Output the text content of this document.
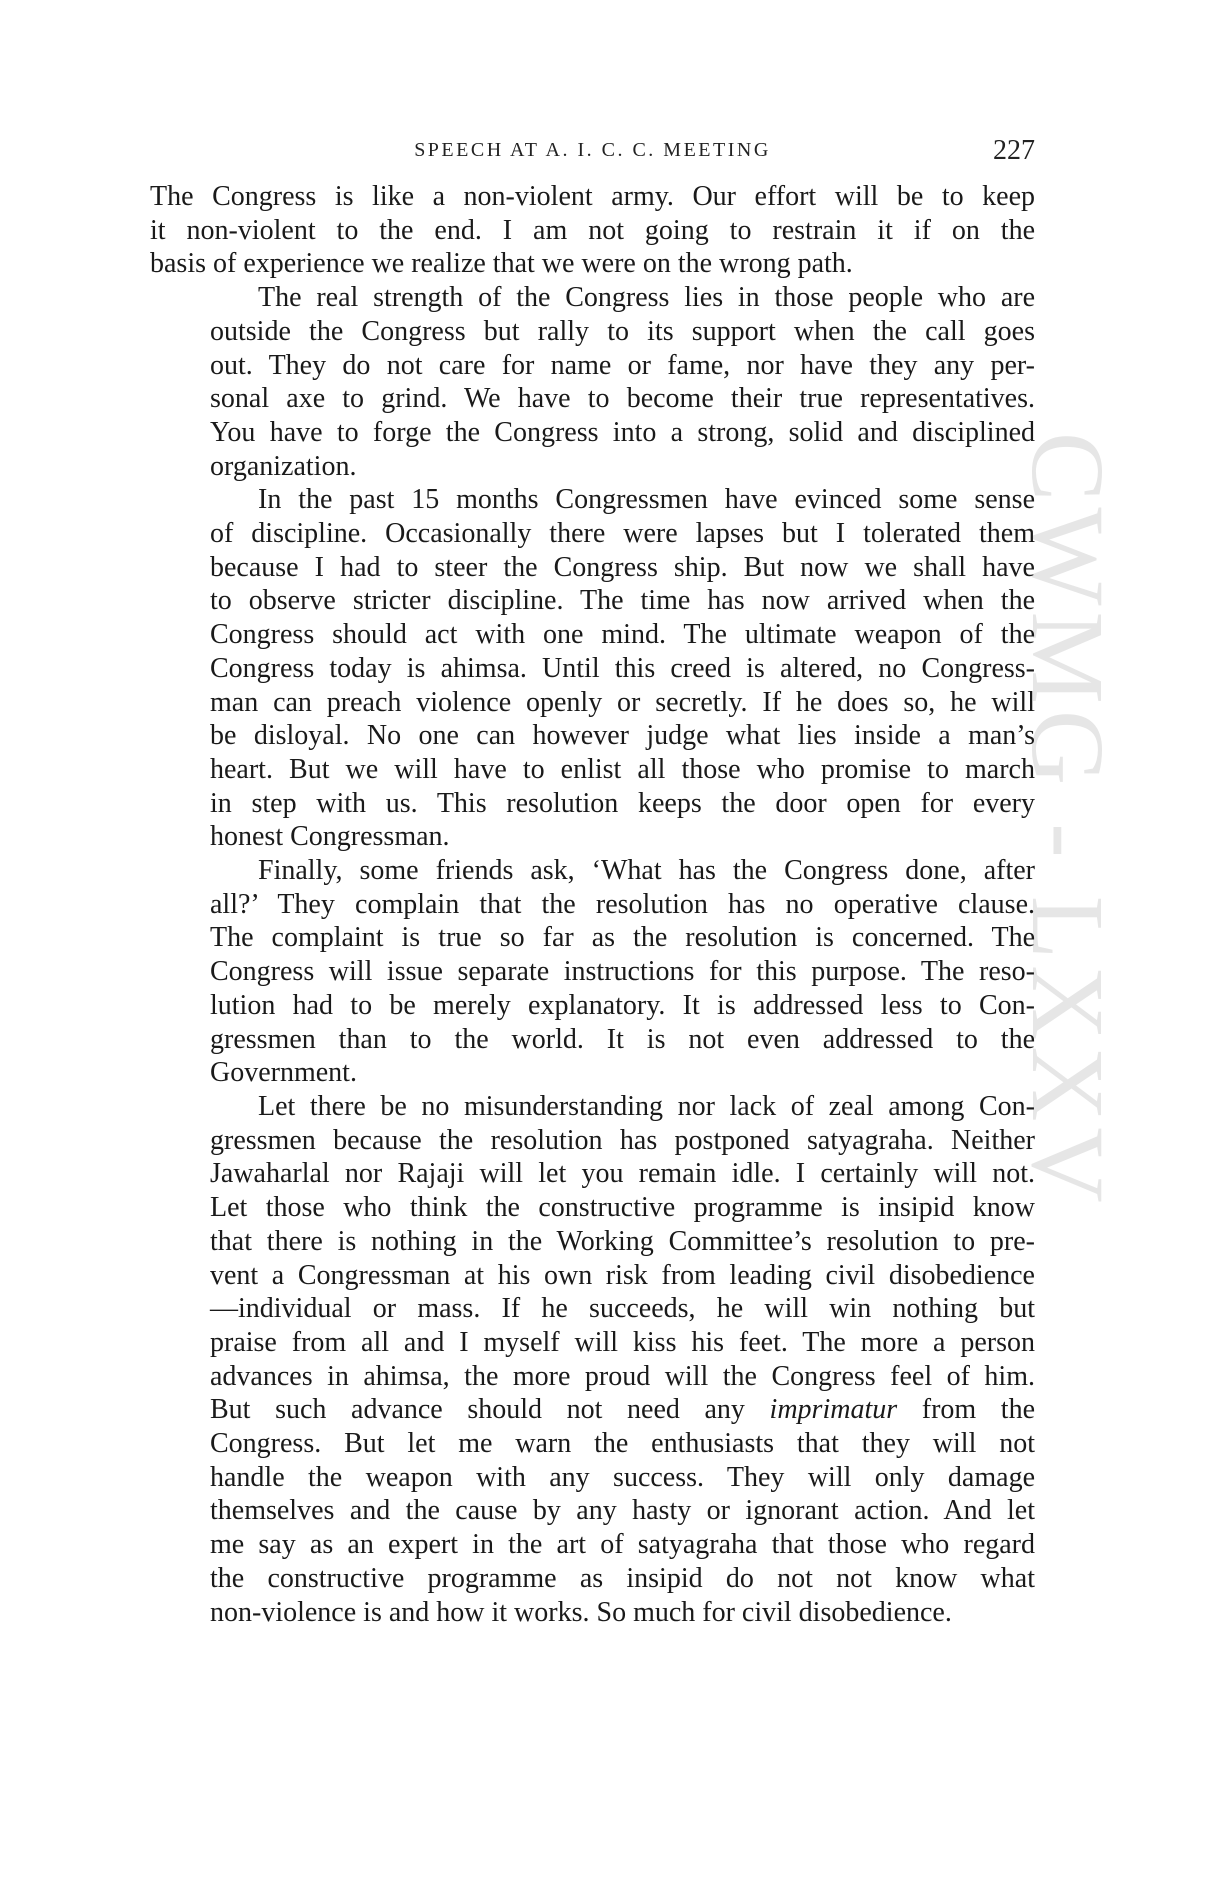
CWMG - LXXV
SPEECH AT A. I. C. C. MEETING	227
The Congress is like a non-violent army. Our effort will be to keep
it non-violent to the end. I am not going to restrain it if on the
basis of experience we realize that we were on the wrong path.
The real strength of the Congress lies in those people who are
outside the Congress but rally to its support when the call goes
out. They do not care for name or fame, nor have they any per-
sonal axe to grind. We have to become their true representatives.
You have to forge the Congress into a strong, solid and disciplined
organization.
In the past 15 months Congressmen have evinced some sense
of discipline. Occasionally there were lapses but I tolerated them
because I had to steer the Congress ship. But now we shall have
to observe stricter discipline. The time has now arrived when the
Congress should act with one mind. The ultimate weapon of the
Congress today is ahimsa. Until this creed is altered, no Congress-
man can preach violence openly or secretly. If he does so, he will
be disloyal. No one can however judge what lies inside a man’s
heart. But we will have to enlist all those who promise to march
in step with us. This resolution keeps the door open for every
honest Congressman.
Finally, some friends ask, ‘What has the Congress done, after
all?’ They complain that the resolution has no operative clause.
The complaint is true so far as the resolution is concerned. The
Congress will issue separate instructions for this purpose. The reso-
lution had to be merely explanatory. It is addressed less to Con-
gressmen than to the world. It is not even addressed to the
Government.
Let there be no misunderstanding nor lack of zeal among Con-
gressmen because the resolution has postponed satyagraha. Neither
Jawaharlal nor Rajaji will let you remain idle. I certainly will not.
Let those who think the constructive programme is insipid know
that there is nothing in the Working Committee’s resolution to pre-
vent a Congressman at his own risk from leading civil disobedience
—individual or mass. If he succeeds, he will win nothing but
praise from all and I myself will kiss his feet. The more a person
advances in ahimsa, the more proud will the Congress feel of him.
But such advance should not need any imprimatur from the
Congress. But let me warn the enthusiasts that they will not
handle the weapon with any success. They will only damage
themselves and the cause by any hasty or ignorant action. And let
me say as an expert in the art of satyagraha that those who regard
the constructive programme as insipid do not not know what
non-violence is and how it works. So much for civil disobedience.
